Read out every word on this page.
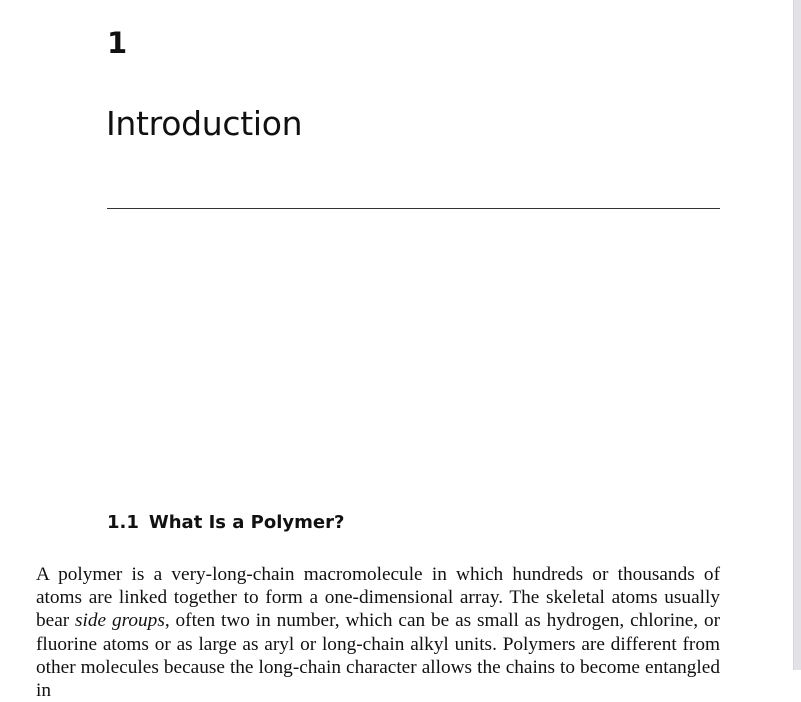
1
Introduction
1.1 What Is a Polymer?
A polymer is a very-long-chain macromolecule in which hundreds or thousands of atoms are linked together to form a one-dimensional array. The skeletal atoms usually bear side groups, often two in number, which can be as small as hydrogen, chlorine, or fluorine atoms or as large as aryl or long-chain alkyl units. Polymers are different from other molecules because the long-chain character allows the chains to become entangled in
